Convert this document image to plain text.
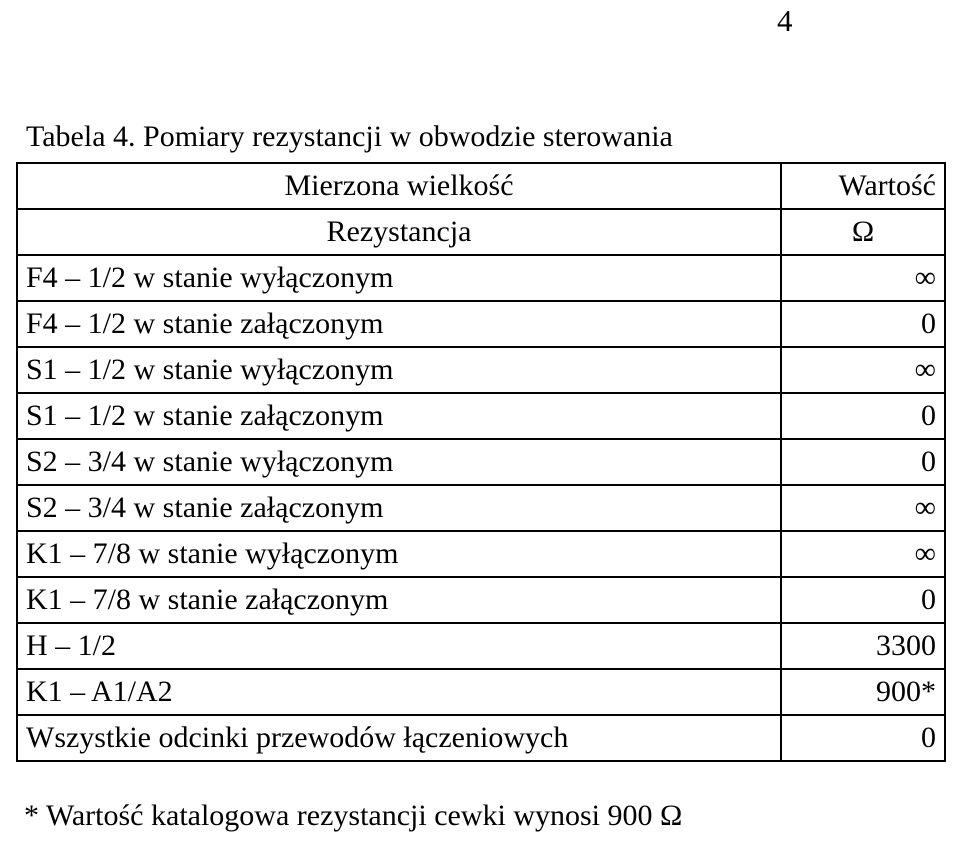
4
Tabela 4. Pomiary rezystancji w obwodzie sterowania
Mierzona wielkość	Wartość
Rezystancja	Ω
F4 – 1/2 w stanie wyłączonym	∞
F4 – 1/2 w stanie załączonym	0
S1 – 1/2 w stanie wyłączonym	∞
S1 – 1/2 w stanie załączonym	0
S2 – 3/4 w stanie wyłączonym	0
S2 – 3/4 w stanie załączonym	∞
K1 – 7/8 w stanie wyłączonym	∞
K1 – 7/8 w stanie załączonym	0
H – 1/2	3300
K1 – A1/A2	900*
Wszystkie odcinki przewodów łączeniowych	0
* Wartość katalogowa rezystancji cewki wynosi 900 Ω
